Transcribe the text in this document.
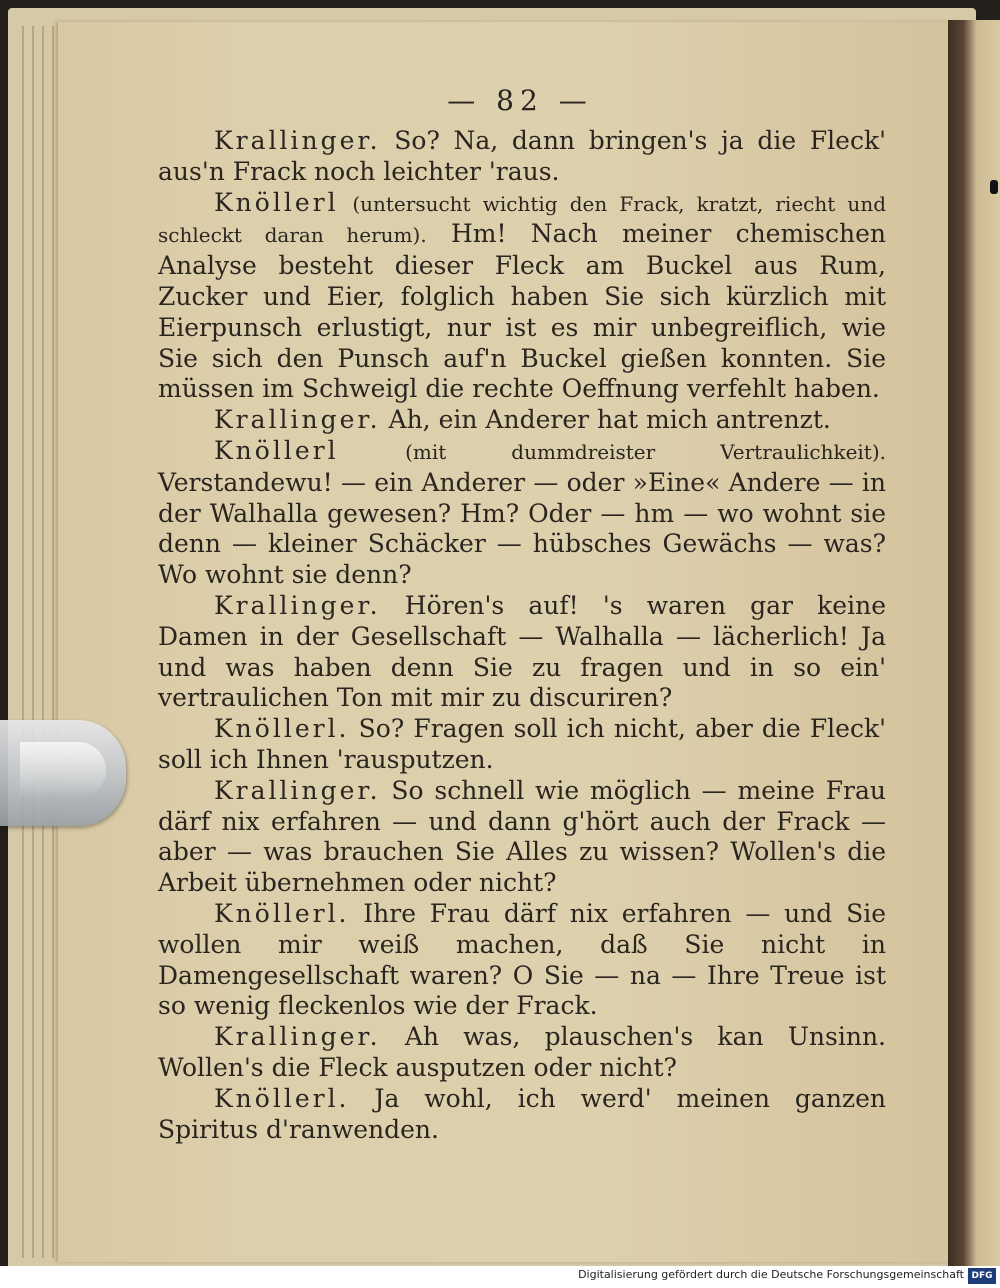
— 82 —

Krallinger. So? Na, dann bringen's ja die Fleck' aus'n Frack noch leichter 'raus.

Knöllerl (untersucht wichtig den Frack, kratzt, riecht und schleckt daran herum). Hm! Nach meiner chemischen Analyse besteht dieser Fleck am Buckel aus Rum, Zucker und Eier, folglich haben Sie sich kürzlich mit Eierpunsch erlustigt, nur ist es mir unbegreiflich, wie Sie sich den Punsch auf'n Buckel gießen konnten. Sie müssen im Schweigl die rechte Oeffnung verfehlt haben.

Krallinger. Ah, ein Anderer hat mich antrenzt.

Knöllerl	(mit dummdreister Vertraulichkeit). Verstandewu! — ein Anderer — oder »Eine« Andere — in der Walhalla gewesen? Hm? Oder — hm — wo wohnt sie denn — kleiner Schäcker — hübsches Gewächs — was? Wo wohnt sie denn?

Krallinger. Hören's auf! 's waren gar keine Damen in der Gesellschaft — Walhalla — lächerlich! Ja und was haben denn Sie zu fragen und in so ein' vertraulichen Ton mit mir zu discuriren?

Knöllerl. So? Fragen soll ich nicht, aber die Fleck' soll ich Ihnen 'rausputzen.

Krallinger. So schnell wie möglich — meine Frau därf nix erfahren — und dann g'hört auch der Frack — aber — was brauchen Sie Alles zu wissen? Wollen's die Arbeit übernehmen oder nicht?

Knöllerl. Ihre Frau därf nix erfahren — und Sie wollen mir weiß machen, daß Sie nicht in Damengesellschaft waren? O Sie — na — Ihre Treue ist so wenig fleckenlos wie der Frack.

Krallinger. Ah was, plauschen's kan Unsinn. Wollen's die Fleck ausputzen oder nicht?

Knöllerl. Ja wohl, ich werd' meinen ganzen Spiritus d'ranwenden.

Digitalisierung gefördert durch die Deutsche Forschungsgemeinschaft DFG
